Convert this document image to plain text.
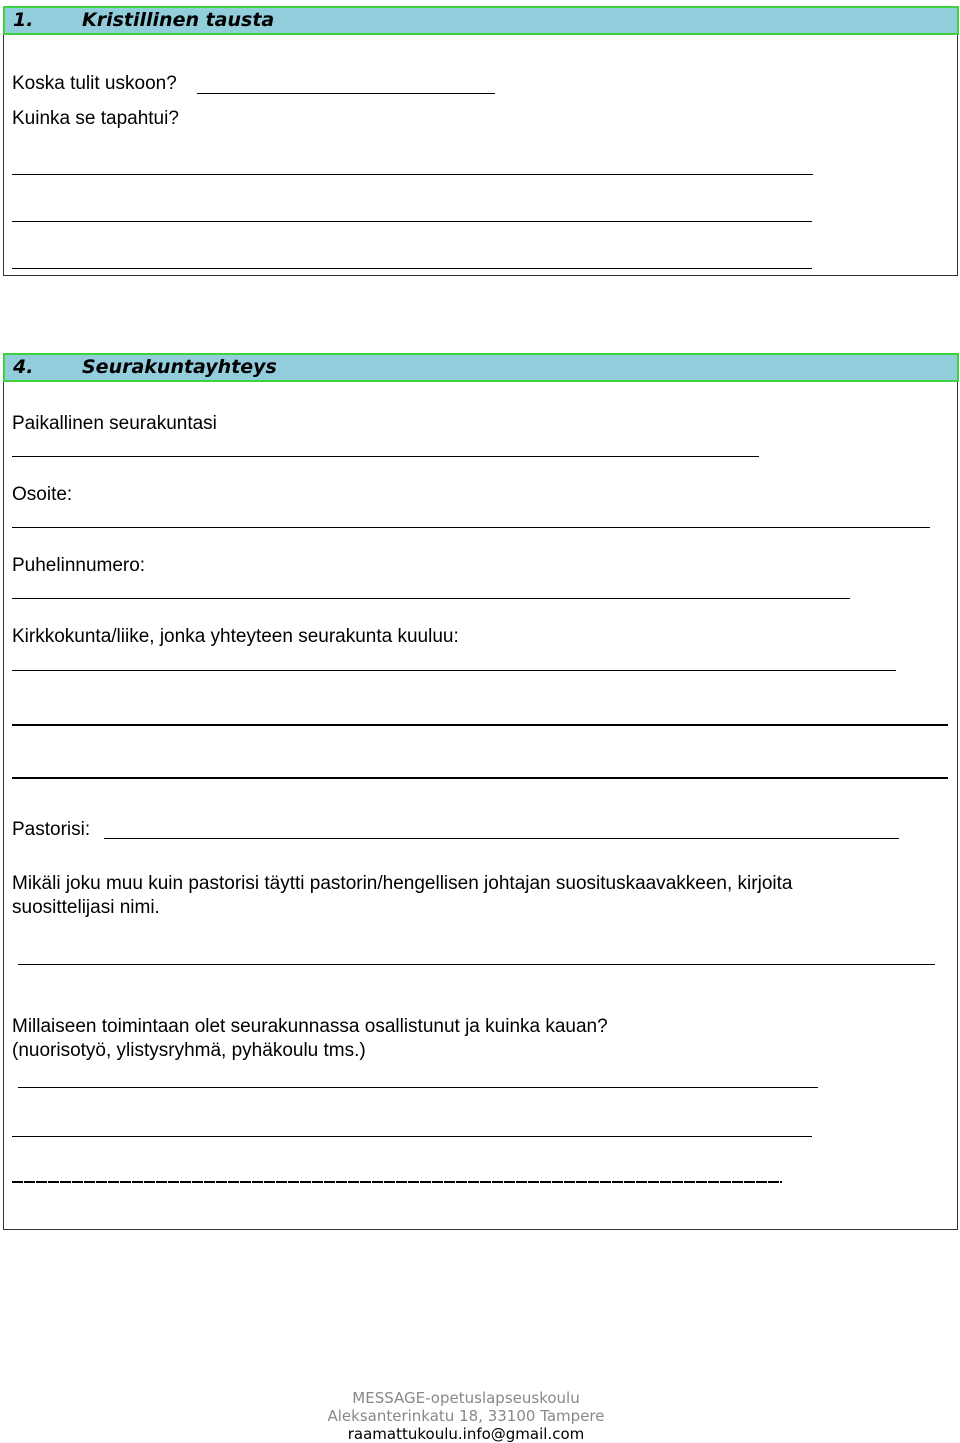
1.	Kristillinen tausta
Koska tulit uskoon?
Kuinka se tapahtui?
4.	Seurakuntayhteys
Paikallinen seurakuntasi
Osoite:
Puhelinnumero:
Kirkkokunta/liike, jonka yhteyteen seurakunta kuuluu:
Pastorisi:
Mikäli joku muu kuin pastorisi täytti pastorin/hengellisen johtajan suosituskaavakkeen, kirjoita
suosittelijasi nimi.
Millaiseen toimintaan olet seurakunnassa osallistunut ja kuinka kauan?
(nuorisotyö, ylistysryhmä, pyhäkoulu tms.)
MESSAGE-opetuslapseuskoulu
Aleksanterinkatu 18, 33100 Tampere
raamattukoulu.info@gmail.com
